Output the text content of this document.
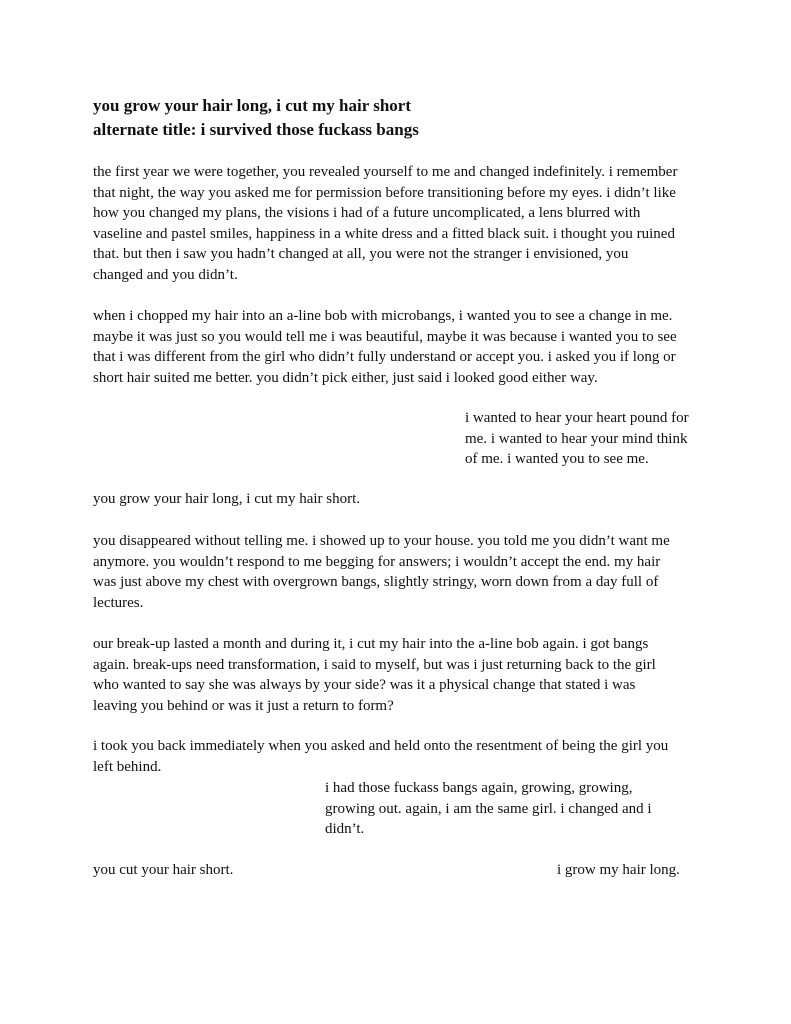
you grow your hair long, i cut my hair short
alternate title: i survived those fuckass bangs

the first year we were together, you revealed yourself to me and changed indefinitely. i remember
that night, the way you asked me for permission before transitioning before my eyes. i didn’t like
how you changed my plans, the visions i had of a future uncomplicated, a lens blurred with
vaseline and pastel smiles, happiness in a white dress and a fitted black suit. i thought you ruined
that. but then i saw you hadn’t changed at all, you were not the stranger i envisioned, you
changed and you didn’t.

when i chopped my hair into an a-line bob with microbangs, i wanted you to see a change in me.
maybe it was just so you would tell me i was beautiful, maybe it was because i wanted you to see
that i was different from the girl who didn’t fully understand or accept you. i asked you if long or
short hair suited me better. you didn’t pick either, just said i looked good either way.

i wanted to hear your heart pound for
me. i wanted to hear your mind think
of me. i wanted you to see me.

you grow your hair long, i cut my hair short.

you disappeared without telling me. i showed up to your house. you told me you didn’t want me
anymore. you wouldn’t respond to me begging for answers; i wouldn’t accept the end. my hair
was just above my chest with overgrown bangs, slightly stringy, worn down from a day full of
lectures.

our break-up lasted a month and during it, i cut my hair into the a-line bob again. i got bangs
again. break-ups need transformation, i said to myself, but was i just returning back to the girl
who wanted to say she was always by your side? was it a physical change that stated i was
leaving you behind or was it just a return to form?

i took you back immediately when you asked and held onto the resentment of being the girl you
left behind.

i had those fuckass bangs again, growing, growing,
growing out. again, i am the same girl. i changed and i
didn’t.

you cut your hair short.	i grow my hair long.
